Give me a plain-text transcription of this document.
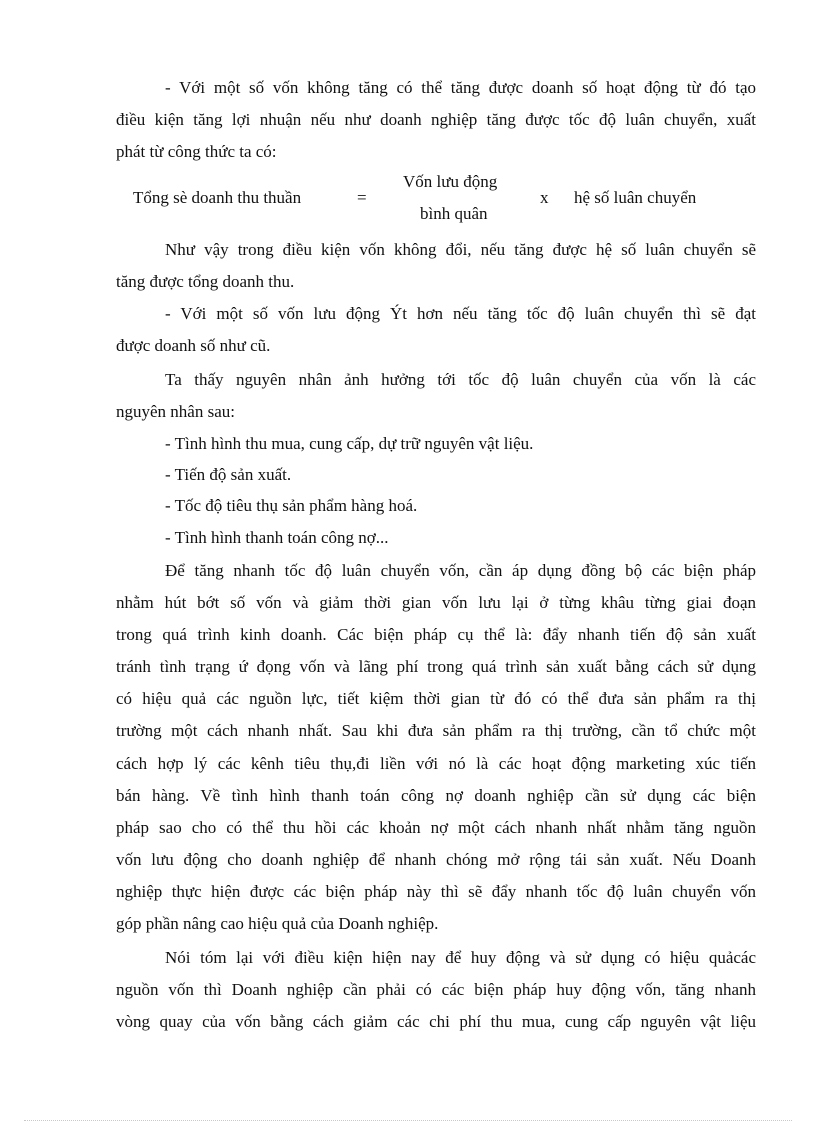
- Với một số vốn không tăng có thể tăng được doanh số hoạt động từ đó tạo

điều kiện tăng lợi nhuận nếu như doanh nghiệp tăng được tốc độ luân chuyển, xuất

phát từ công thức ta có:

Tổng sè doanh thu thuần	=
Vốn lưu động
bình quân
x hệ số luân chuyển

Như vậy trong điều kiện vốn không đổi, nếu tăng được hệ số luân chuyển sẽ

tăng được tổng doanh thu.

- Với một số vốn lưu động Ýt hơn nếu tăng tốc độ luân chuyển thì sẽ đạt

được doanh số như cũ.

Ta thấy nguyên nhân ảnh hưởng tới tốc độ luân chuyển của vốn là các

nguyên nhân sau:

- Tình hình thu mua, cung cấp, dự trữ nguyên vật liệu.

- Tiến độ sản xuất.

- Tốc độ tiêu thụ sản phẩm hàng hoá.

- Tình hình thanh toán công nợ...

Để tăng nhanh tốc độ luân chuyển vốn, cần áp dụng đồng bộ các biện pháp

nhằm hút bớt số vốn và giảm thời gian vốn lưu lại ở từng khâu từng giai đoạn

trong quá trình kinh doanh. Các biện pháp cụ thể là: đẩy nhanh tiến độ sản xuất

tránh tình trạng ứ đọng vốn và lãng phí trong quá trình sản xuất bằng cách sử dụng

có hiệu quả các nguồn lực, tiết kiệm thời gian từ đó có thể đưa sản phẩm ra thị

trường một cách nhanh nhất. Sau khi đưa sản phẩm ra thị trường, cần tổ chức một

cách hợp lý các kênh tiêu thụ,đi liền với nó là các hoạt động marketing xúc tiến

bán hàng. Về tình hình thanh toán công nợ doanh nghiệp cần sử dụng các biện

pháp sao cho có thể thu hồi các khoản nợ một cách nhanh nhất nhằm tăng nguồn

vốn lưu động cho doanh nghiệp để nhanh chóng mở rộng tái sản xuất. Nếu Doanh

nghiệp thực hiện được các biện pháp này thì sẽ đẩy nhanh tốc độ luân chuyển vốn

góp phần nâng cao hiệu quả của Doanh nghiệp.

Nói tóm lại với điều kiện hiện nay để huy động và sử dụng có hiệu quảcác

nguồn vốn thì Doanh nghiệp cần phải có các biện pháp huy động vốn, tăng nhanh

vòng quay của vốn bằng cách giảm các chi phí thu mua, cung cấp nguyên vật liệu
